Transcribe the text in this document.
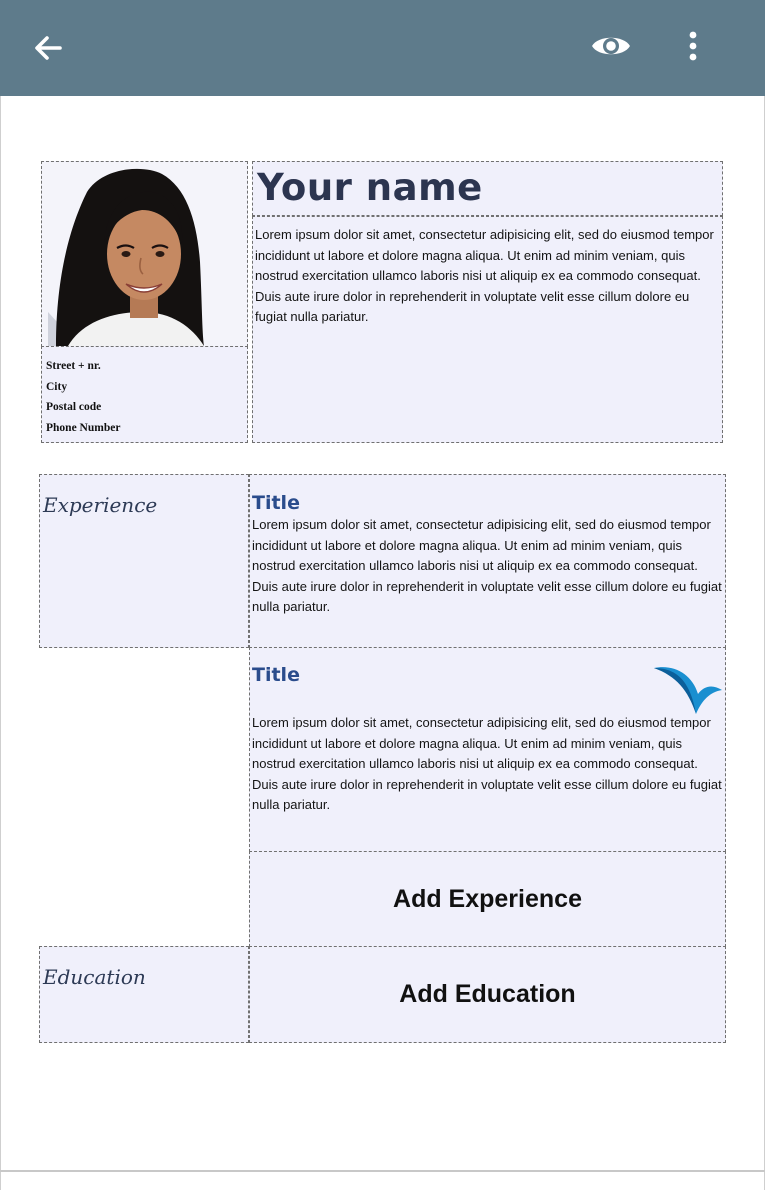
Street + nr.
City
Postal code
Phone Number
Your name
Lorem ipsum dolor sit amet, consectetur adipisicing elit, sed do eiusmod tempor incididunt ut labore et dolore magna aliqua. Ut enim ad minim veniam, quis nostrud exercitation ullamco laboris nisi ut aliquip ex ea commodo consequat. Duis aute irure dolor in reprehenderit in voluptate velit esse cillum dolore eu fugiat nulla pariatur.
Experience	Title
Lorem ipsum dolor sit amet, consectetur adipisicing elit, sed do eiusmod tempor incididunt ut labore et dolore magna aliqua. Ut enim ad minim veniam, quis nostrud exercitation ullamco laboris nisi ut aliquip ex ea commodo consequat. Duis aute irure dolor in reprehenderit in voluptate velit esse cillum dolore eu fugiat nulla pariatur.
Title
Lorem ipsum dolor sit amet, consectetur adipisicing elit, sed do eiusmod tempor incididunt ut labore et dolore magna aliqua. Ut enim ad minim veniam, quis nostrud exercitation ullamco laboris nisi ut aliquip ex ea commodo consequat. Duis aute irure dolor in reprehenderit in voluptate velit esse cillum dolore eu fugiat nulla pariatur.
Add Experience
Education
Add Education
